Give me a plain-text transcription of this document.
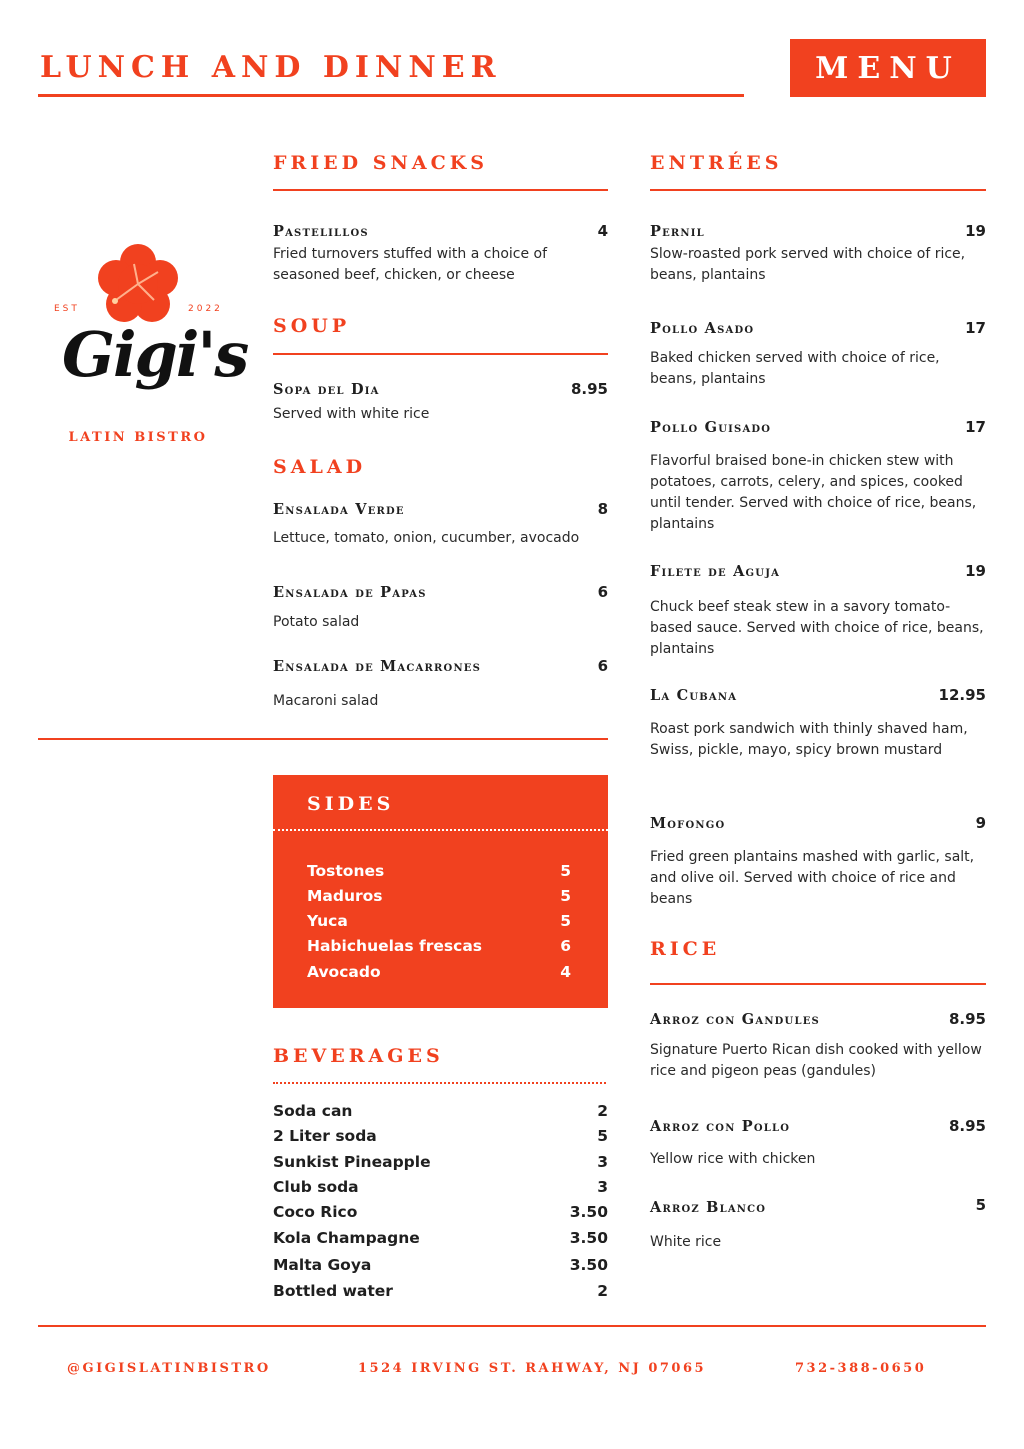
LUNCH AND DINNER	MENU
EST	2022
Gigi's
LATIN BISTRO
FRIED SNACKS
Pastelillos	4
Fried turnovers stuffed with a choice of seasoned beef, chicken, or cheese
SOUP
Sopa del Dia	8.95
Served with white rice
SALAD
Ensalada Verde	8
Lettuce, tomato, onion, cucumber, avocado
Ensalada de Papas	6
Potato salad
Ensalada de Macarrones	6
Macaroni salad
SIDES
Tostones	5
Maduros	5
Yuca	5
Habichuelas frescas	6
Avocado	4
BEVERAGES
Soda can	2
2 Liter soda	5
Sunkist Pineapple	3
Club soda	3
Coco Rico	3.50
Kola Champagne	3.50
Malta Goya	3.50
Bottled water	2
ENTRÉES
Pernil	19
Slow-roasted pork served with choice of rice, beans, plantains
Pollo Asado	17
Baked chicken served with choice of rice, beans, plantains
Pollo Guisado	17
Flavorful braised bone-in chicken stew with potatoes, carrots, celery, and spices, cooked until tender. Served with choice of rice, beans, plantains
Filete de Aguja	19
Chuck beef steak stew in a savory tomato-based sauce. Served with choice of rice, beans, plantains
La Cubana	12.95
Roast pork sandwich with thinly shaved ham, Swiss, pickle, mayo, spicy brown mustard
Mofongo	9
Fried green plantains mashed with garlic, salt, and olive oil. Served with choice of rice and beans
RICE
Arroz con Gandules	8.95
Signature Puerto Rican dish cooked with yellow rice and pigeon peas (gandules)
Arroz con Pollo	8.95
Yellow rice with chicken
Arroz Blanco	5
White rice
@GIGISLATINBISTRO	1524 IRVING ST. RAHWAY, NJ 07065	732-388-0650
